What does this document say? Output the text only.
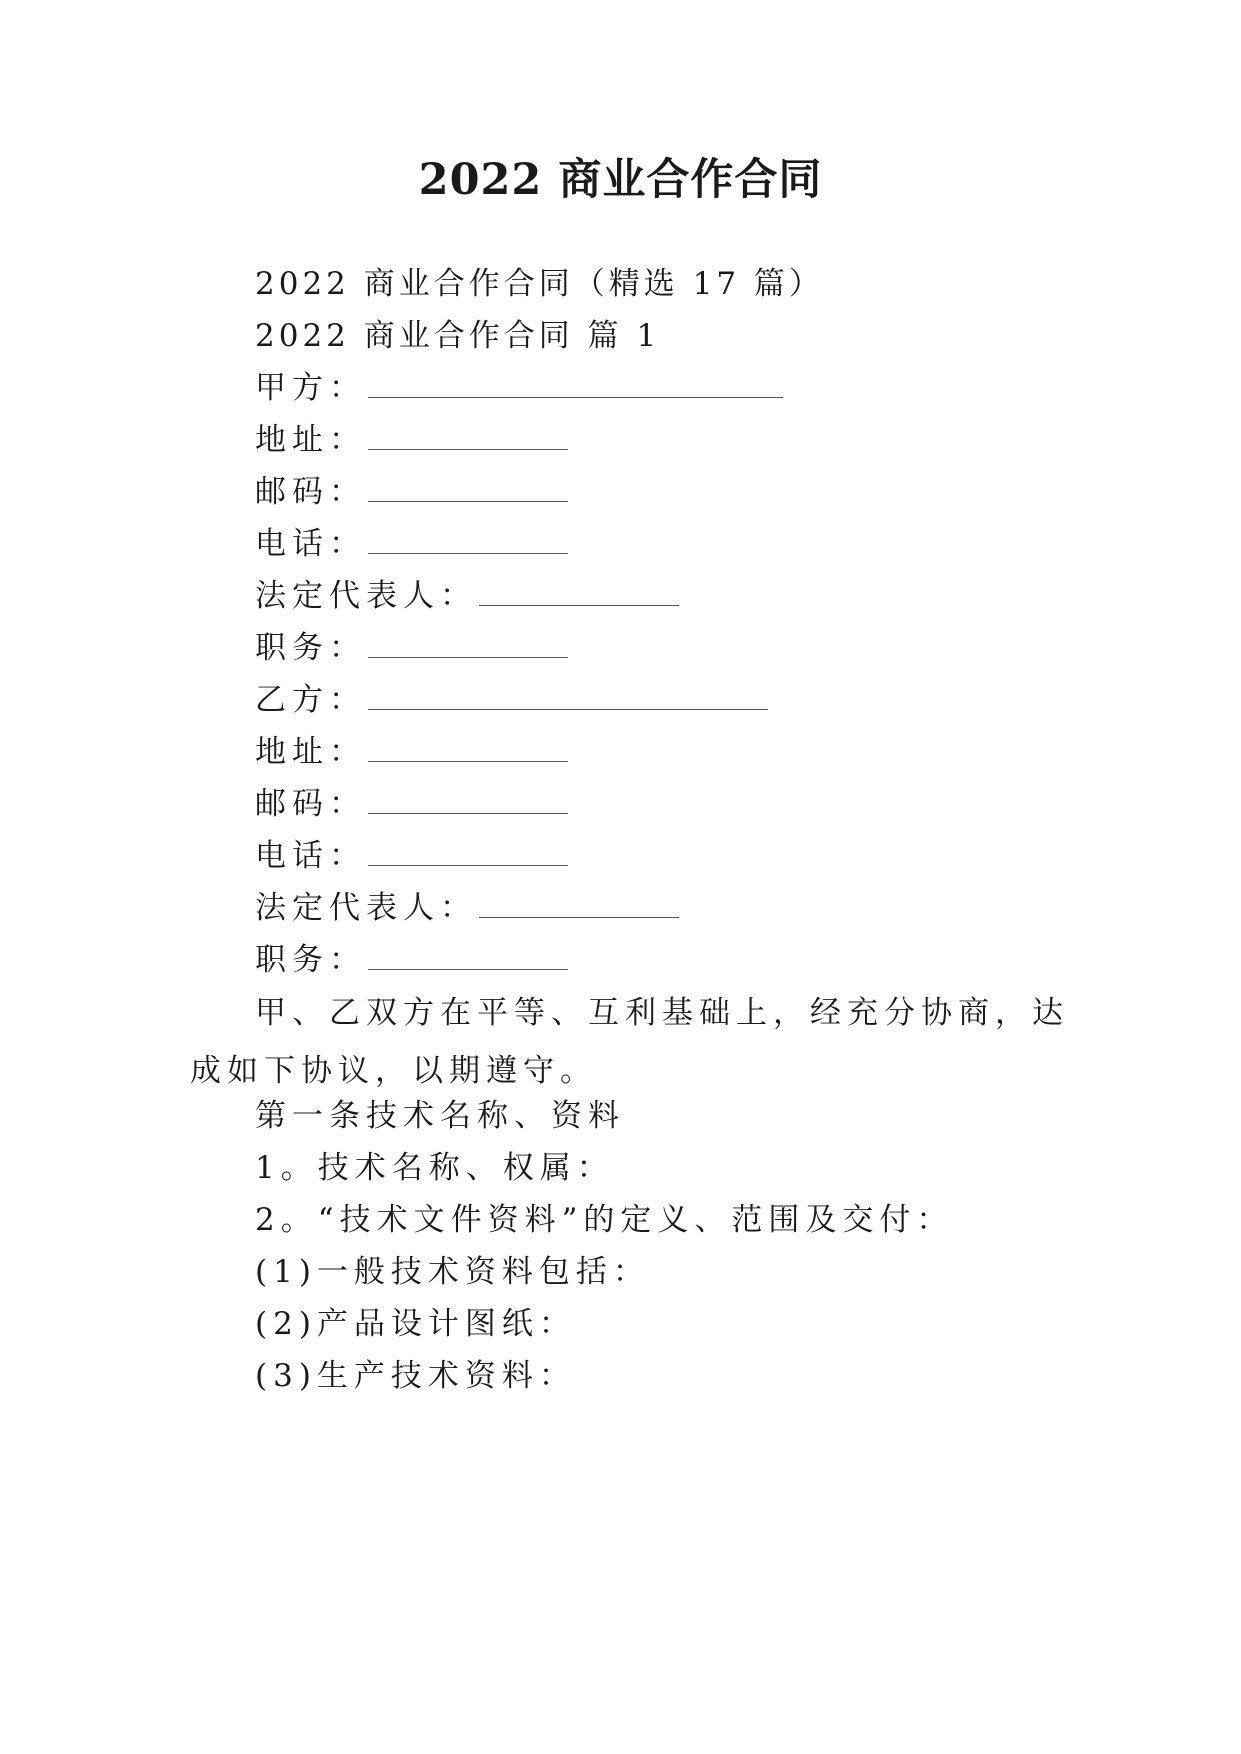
2022 商业合作合同
2022 商业合作合同（精选 17 篇）
2022 商业合作合同 篇 1
甲方：
地址：
邮码：
电话：
法定代表人：
职务：
乙方：
地址：
邮码：
电话：
法定代表人：
职务：
甲、乙双方在平等、互利基础上，经充分协商，达成如下协议，以期遵守。
第一条技术名称、资料
1。技术名称、权属：
2。“技术文件资料”的定义、范围及交付：
(1)一般技术资料包括：
(2)产品设计图纸：
(3)生产技术资料：
